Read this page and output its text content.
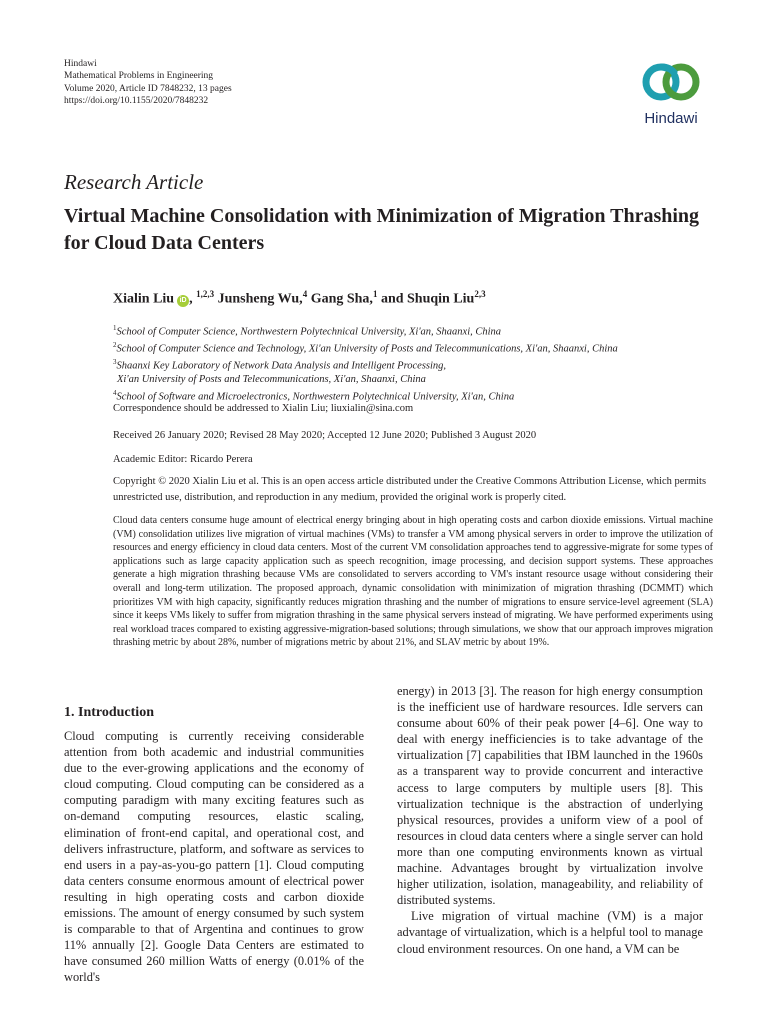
Hindawi
Mathematical Problems in Engineering
Volume 2020, Article ID 7848232, 13 pages
https://doi.org/10.1155/2020/7848232
Hindawi
Research Article
Virtual Machine Consolidation with Minimization of Migration Thrashing for Cloud Data Centers
Xialin Liu iD , $^{1,2,3}$ Junsheng Wu,$^4$ Gang Sha,$^1$ and Shuqin Liu$^{2,3}$
$^1$School of Computer Science, Northwestern Polytechnical University, Xi'an, Shaanxi, China
$^2$School of Computer Science and Technology, Xi'an University of Posts and Telecommunications, Xi'an, Shaanxi, China
$^3$Shaanxi Key Laboratory of Network Data Analysis and Intelligent Processing,
Xi'an University of Posts and Telecommunications, Xi'an, Shaanxi, China
$^4$School of Software and Microelectronics, Northwestern Polytechnical University, Xi'an, China
Correspondence should be addressed to Xialin Liu; liuxialin@sina.com
Received 26 January 2020; Revised 28 May 2020; Accepted 12 June 2020; Published 3 August 2020
Academic Editor: Ricardo Perera
Copyright © 2020 Xialin Liu et al. This is an open access article distributed under the Creative Commons Attribution License, which permits unrestricted use, distribution, and reproduction in any medium, provided the original work is properly cited.
Cloud data centers consume huge amount of electrical energy bringing about in high operating costs and carbon dioxide emissions. Virtual machine (VM) consolidation utilizes live migration of virtual machines (VMs) to transfer a VM among physical servers in order to improve the utilization of resources and energy efficiency in cloud data centers. Most of the current VM consolidation approaches tend to aggressive-migrate for some types of applications such as large capacity application such as speech recognition, image processing, and decision support systems. These approaches generate a high migration thrashing because VMs are consolidated to servers according to VM's instant resource usage without considering their overall and long-term utilization. The proposed approach, dynamic consolidation with minimization of migration thrashing (DCMMT) which prioritizes VM with high capacity, significantly reduces migration thrashing and the number of migrations to ensure service-level agreement (SLA) since it keeps VMs likely to suffer from migration thrashing in the same physical servers instead of migrating. We have performed experiments using real workload traces compared to existing aggressive-migration-based solutions; through simulations, we show that our approach improves migration thrashing metric by about 28%, number of migrations metric by about 21%, and SLAV metric by about 19%.
1. Introduction
Cloud computing is currently receiving considerable attention from both academic and industrial communities due to the ever-growing applications and the economy of cloud computing. Cloud computing can be considered as a computing paradigm with many exciting features such as on-demand computing resources, elastic scaling, elimination of front-end capital, and operational cost, and delivers infrastructure, platform, and software as services to end users in a pay-as-you-go pattern [1]. Cloud computing data centers consume enormous amount of electrical power resulting in high operating costs and carbon dioxide emissions. The amount of energy consumed by such system is comparable to that of Argentina and continues to grow 11% annually [2]. Google Data Centers are estimated to have consumed 260 million Watts of energy (0.01% of the world's

energy) in 2013 [3]. The reason for high energy consumption is the inefficient use of hardware resources. Idle servers can consume about 60% of their peak power [4–6]. One way to deal with energy inefficiencies is to take advantage of the virtualization [7] capabilities that IBM launched in the 1960s as a transparent way to provide concurrent and interactive access to large computers by multiple users [8]. This virtualization technique is the abstraction of underlying physical resources, provides a uniform view of a pool of resources in cloud data centers where a single server can hold more than one computing environments known as virtual machine. Advantages brought by virtualization involve higher utilization, isolation, manageability, and reliability of distributed systems.

Live migration of virtual machine (VM) is a major advantage of virtualization, which is a helpful tool to manage cloud environment resources. On one hand, a VM can be
